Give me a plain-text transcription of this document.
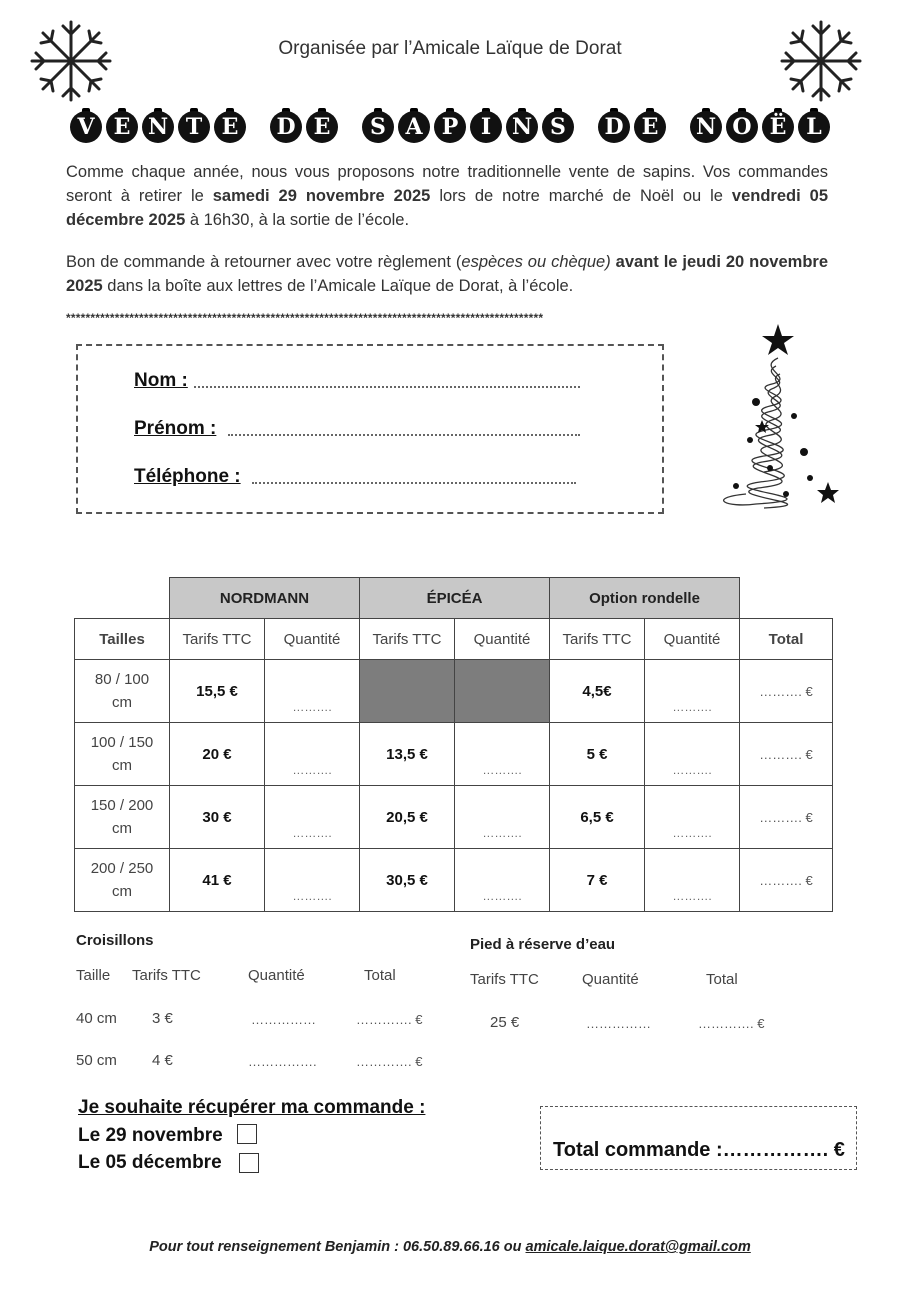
Organisée par l’Amicale Laïque de Dorat
V E N T E	D E	S A P	I N S	D E	N O Ë L
Comme chaque année, nous vous proposons notre traditionnelle vente de sapins. Vos commandes seront à retirer le samedi 29 novembre 2025 lors de notre marché de Noël ou le vendredi 05 décembre 2025 à 16h30, à la sortie de l’école.
Bon de commande à retourner avec votre règlement (espèces ou chèque) avant le jeudi 20 novembre 2025 dans la boîte aux lettres de l’Amicale Laïque de Dorat, à l’école.
**************************************************************************************************
Nom :
Prénom :
Téléphone :
	NORDMANN		ÉPICÉA		Option rondelle		
Tailles	Tarifs TTC	Quantité	Tarifs TTC	Quantité	Tarifs TTC	Quantité	Total
80 / 100
cm	15,5 €	……….			4,5€	……….	………. €
100 / 150
cm	20 €	……….	13,5 €	……….	5 €	……….	………. €
150 / 200
cm	30 €	……….	20,5 €	……….	6,5 €	……….	………. €
200 / 250
cm	41 €	……….	30,5 €	……….	7 €	……….	………. €
Croisillons
Taille Tarifs TTC	Quantité	Total
40 cm 3 €	……………	…………. €
50 cm 4 €	…………….	…………. €
Pied à réserve d’eau
Tarifs TTC	Quantité	Total
25 €	……………	…………. €
Je souhaite récupérer ma commande :
Le 29 novembre
Le 05 décembre
Total commande :……………. €
Pour tout renseignement Benjamin : 06.50.89.66.16 ou amicale.laique.dorat@gmail.com
